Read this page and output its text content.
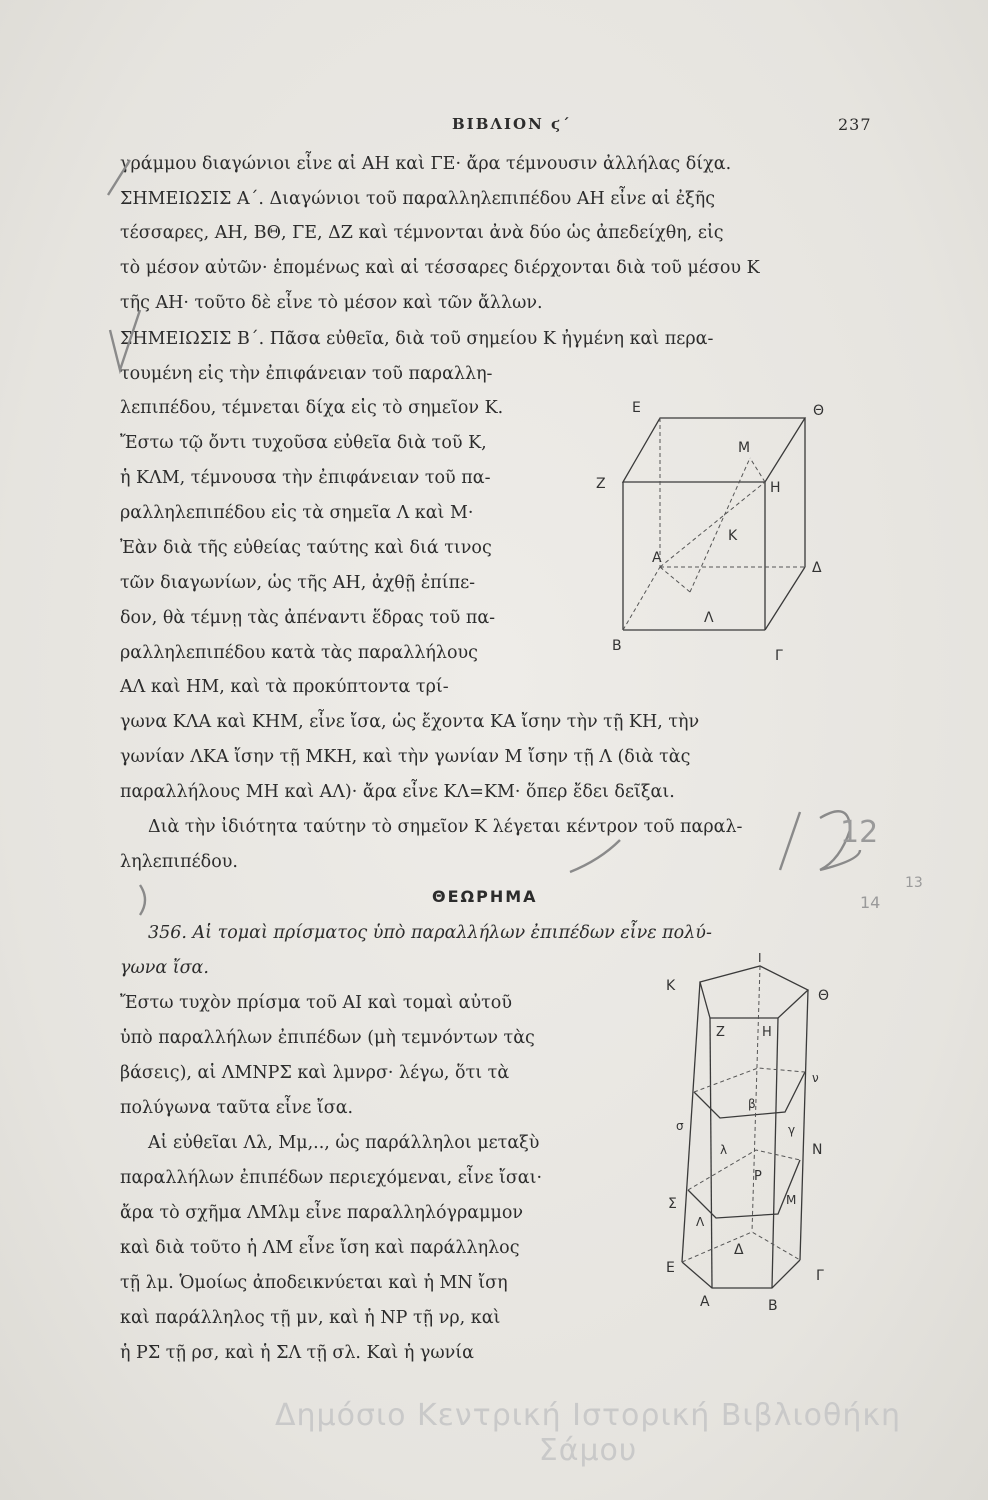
ΒΙΒΛΙΟΝ ϛ΄	237
γράμμου διαγώνιοι εἶνε αἱ ΑΗ καὶ ΓΕ· ἄρα τέμνουσιν ἀλλήλας δίχα.
ΣΗΜΕΙΩΣΙΣ Α΄. Διαγώνιοι τοῦ παραλληλεπιπέδου ΑΗ εἶνε αἱ ἐξῆς
τέσσαρες, ΑΗ, ΒΘ, ΓΕ, ΔΖ καὶ τέμνονται ἀνὰ δύο ὡς ἀπεδείχθη, εἰς
τὸ μέσον αὐτῶν· ἑπομένως καὶ αἱ τέσσαρες διέρχονται διὰ τοῦ μέσου Κ
τῆς ΑΗ· τοῦτο δὲ εἶνε τὸ μέσον καὶ τῶν ἄλλων.
ΣΗΜΕΙΩΣΙΣ Β΄. Πᾶσα εὐθεῖα, διὰ τοῦ σημείου Κ ἠγμένη καὶ περα-
τουμένη εἰς τὴν ἐπιφάνειαν τοῦ παραλλη-
λεπιπέδου, τέμνεται δίχα εἰς τὸ σημεῖον Κ.
Ἔστω τῷ ὄντι τυχοῦσα εὐθεῖα διὰ τοῦ Κ,
ἡ ΚΛΜ, τέμνουσα τὴν ἐπιφάνειαν τοῦ πα-
ραλληλεπιπέδου εἰς τὰ σημεῖα Λ καὶ Μ·
Ἐὰν διὰ τῆς εὐθείας ταύτης καὶ διά τινος
τῶν διαγωνίων, ὡς τῆς ΑΗ, ἀχθῇ ἐπίπε-
δον, θὰ τέμνῃ τὰς ἀπέναντι ἕδρας τοῦ πα-
ραλληλεπιπέδου κατὰ τὰς παραλλήλους
ΑΛ καὶ ΗΜ, καὶ τὰ προκύπτοντα τρί-
γωνα ΚΛΑ καὶ ΚΗΜ, εἶνε ἴσα, ὡς ἔχοντα ΚΑ ἴσην τὴν τῇ ΚΗ, τὴν
γωνίαν ΛΚΑ ἴσην τῇ ΜΚΗ, καὶ τὴν γωνίαν Μ ἴσην τῇ Λ (διὰ τὰς
παραλλήλους ΜΗ καὶ ΑΛ)· ἄρα εἶνε ΚΛ=ΚΜ· ὅπερ ἔδει δεῖξαι.
Διὰ τὴν ἰδιότητα ταύτην τὸ σημεῖον Κ λέγεται κέντρον τοῦ παραλ-
ληλεπιπέδου.
ΘΕΩΡΗΜΑ
356. Αἱ τομαὶ πρίσματος ὑπὸ παραλλήλων ἐπιπέδων εἶνε πολύ-
γωνα ἴσα.
Ἔστω τυχὸν πρίσμα τοῦ ΑΙ καὶ τομαὶ αὐτοῦ
ὑπὸ παραλλήλων ἐπιπέδων (μὴ τεμνόντων τὰς
βάσεις), αἱ ΛΜΝΡΣ καὶ λμνρσ· λέγω, ὅτι τὰ
πολύγωνα ταῦτα εἶνε ἴσα.
Αἱ εὐθεῖαι Λλ, Μμ,.., ὡς παράλληλοι μεταξὺ
παραλλήλων ἐπιπέδων περιεχόμεναι, εἶνε ἴσαι·
ἄρα τὸ σχῆμα ΛΜλμ εἶνε παραλληλόγραμμον
καὶ διὰ τοῦτο ἡ ΛΜ εἶνε ἴση καὶ παράλληλος
τῇ λμ. Ὁμοίως ἀποδεικνύεται καὶ ἡ ΜΝ ἴση
καὶ παράλληλος τῇ μν, καὶ ἡ ΝΡ τῇ νρ, καὶ
ἡ ΡΣ τῇ ρσ, καὶ ἡ ΣΛ τῇ σλ. Καὶ ἡ γωνία
Ε	Θ
Μ
Ζ	Η
Κ
Α
Δ
Λ
Β
Γ
Κ
Ι
Θ
Ζ	Η
ν
β
σ	γ
λ	Ν
Ρ
Σ	Μ
Λ
Δ
Ε	Γ
Α	Β
12
14
13
Δημόσιο Κεντρική Ιστορική Βιβλιοθήκη Σάμου
